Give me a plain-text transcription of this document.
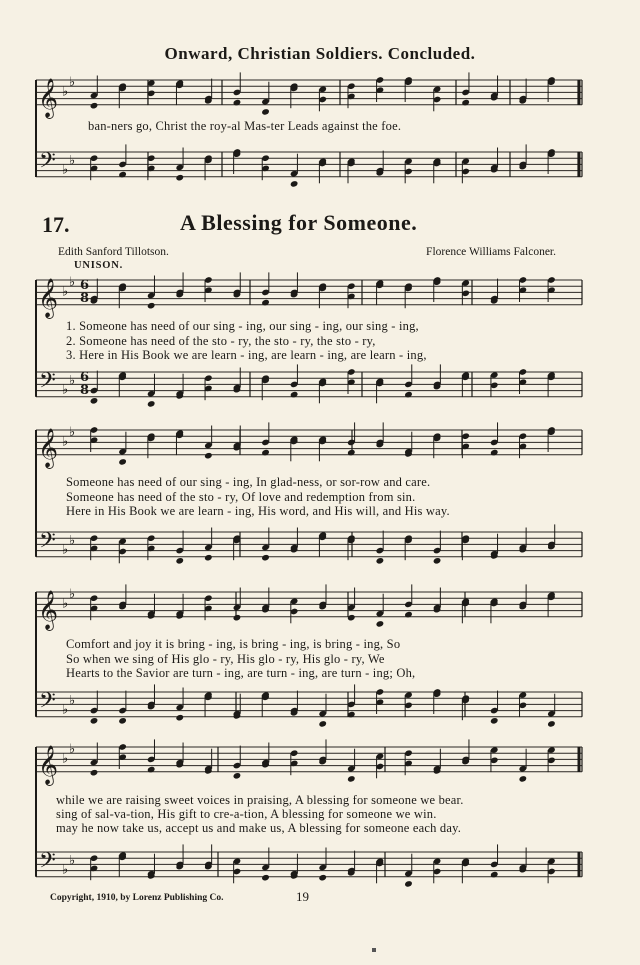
𝄞 ♭
♭
𝄢 ♭
♭
𝄞 ♭
♭
𝄢 ♭
♭
𝄞 ♭
♭
𝄢 ♭
♭
𝄞 ♭
♭
𝄢 ♭
♭
𝄞 ♭
♭
𝄢 ♭
♭
6
8
6
8
Onward, Christian Soldiers. Concluded.
ban-ners go, Christ the roy-al Mas-ter Leads against the foe.
17.	A Blessing for Someone.
Edith Sanford Tillotson.	Florence Williams Falconer.
UNISON.
1. Someone has need of our sing - ing, our sing - ing, our sing - ing,
2. Someone has need of the sto - ry, the sto - ry, the sto - ry,
3. Here in His Book we are learn - ing, are learn - ing, are learn - ing,
Someone has need of our sing - ing, In glad-ness, or sor-row and care.
Someone has need of the sto - ry, Of love and redemption from sin.
Here in His Book we are learn - ing, His word, and His will, and His way.
Comfort and joy it is bring - ing, is bring - ing, is bring - ing, So
So when we sing of His glo - ry, His glo - ry, His glo - ry, We
Hearts to the Savior are turn - ing, are turn - ing, are turn - ing; Oh,
while we are raising sweet voices in praising, A blessing for someone we bear.
sing of sal-va-tion, His gift to cre-a-tion, A blessing for someone we win.
may he now take us, accept us and make us, A blessing for someone each day.
Copyright, 1910, by Lorenz Publishing Co.	19
